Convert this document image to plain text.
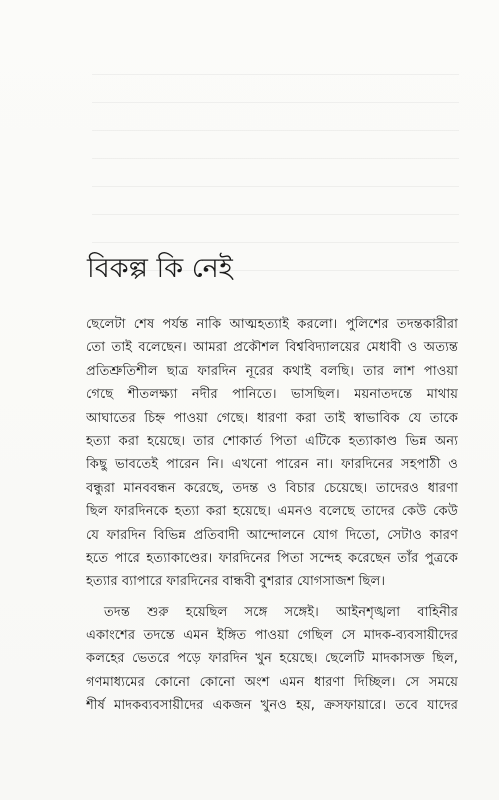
বিকল্প কি নেই

ছেলেটা শেষ পর্যন্ত নাকি আত্মহত্যাই করলো। পুলিশের তদন্তকারীরা
তো তাই বলেছেন। আমরা প্রকৌশল বিশ্ববিদ্যালয়ের মেধাবী ও অত্যন্ত
প্রতিশ্রুতিশীল ছাত্র ফারদিন নূরের কথাই বলছি। তার লাশ পাওয়া
গেছে শীতলক্ষ্যা নদীর পানিতে। ভাসছিল। ময়নাতদন্তে মাথায়
আঘাতের চিহ্ন পাওয়া গেছে। ধারণা করা তাই স্বাভাবিক যে তাকে
হত্যা করা হয়েছে। তার শোকার্ত পিতা এটিকে হত্যাকাণ্ড ভিন্ন অন্য
কিছু ভাবতেই পারেন নি। এখনো পারেন না। ফারদিনের সহপাঠী ও
বন্ধুরা মানববন্ধন করেছে, তদন্ত ও বিচার চেয়েছে। তাদেরও ধারণা
ছিল ফারদিনকে হত্যা করা হয়েছে। এমনও বলেছে তাদের কেউ কেউ
যে ফারদিন বিভিন্ন প্রতিবাদী আন্দোলনে যোগ দিতো, সেটাও কারণ
হতে পারে হত্যাকাণ্ডের। ফারদিনের পিতা সন্দেহ করেছেন তাঁর পুত্রকে
হত্যার ব্যাপারে ফারদিনের বান্ধবী বুশরার যোগসাজশ ছিল।

তদন্ত শুরু হয়েছিল সঙ্গে সঙ্গেই। আইনশৃঙ্খলা বাহিনীর
একাংশের তদন্তে এমন ইঙ্গিত পাওয়া গেছিল সে মাদক-ব্যবসায়ীদের
কলহের ভেতরে পড়ে ফারদিন খুন হয়েছে। ছেলেটি মাদকাসক্ত ছিল,
গণমাধ্যমের কোনো কোনো অংশ এমন ধারণা দিচ্ছিল। সে সময়ে
শীর্ষ মাদকব্যবসায়ীদের একজন খুনও হয়, ক্রসফায়ারে। তবে যাদের
